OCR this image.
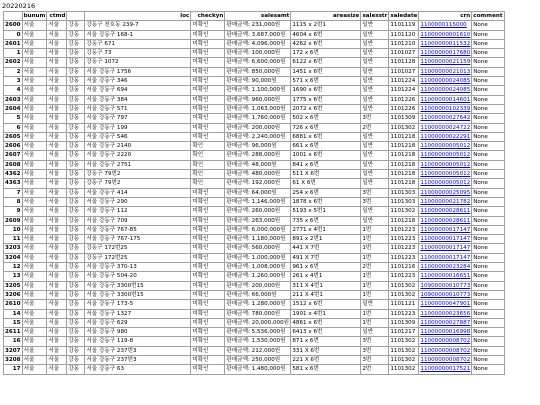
20220216
	bunum	ctmd		loc	checkyn	salesamt	areasize	salesstr	saledate	crn	comment
2600	서울	서울	강동	강동구 천호동 239-7	미확인	판매금액: 231,000원	1115 x 2번1	일반	1101119	1100000115000	None
0	서울	서울	강동	서울 강동구 168-1	미확인	판매금액: 3,687,000원	4604 x 6번	일반	1101120	11000000001610	None
2601	서울	서울	강동	강동구 671	미확인	판매금액: 4,096,000원	4262 x 6번	일반	1101210	11000000011532	None
1	서울	서울	강동	강동구 73	미확인	판매금액: 100,000원	172 x 6번	일반	1101027	11000000017680	None
2602	서울	서울	강동	강동구 1072	미확인	판매금액: 6,600,000원	6122 x 6번	일반	1101128	11000000021159	None
2	서울	서울	강동	서울 강동구 1756	미확인	판매금액: 850,000원	1451 x 6번	일반	1101027	11000000021013	None
3	서울	서울	강동	서울 강동구 346	미확인	판매금액: 90,000원	571 x 6번	일반	1101224	11000000024085	None
4	서울	서울	강동	서울 강동구 694	미확인	판매금액: 1,100,000원	1690 x 6번	일반	1101224	11000000024085	None
2603	서울	서울	강동	서울 강동구 384	미확인	판매금액: 960,000원	1775 x 6번	일반	1101226	11000000014601	None
2604	서울	서울	강동	서울 강동구 571	미확인	판매금액: 1,063,000원	2072 x 6번	일반	1101226	11000000102339	None
5	서울	서울	강동	서울 강동구 797	미확인	판매금액: 1,760,000원	502 x 6번	3번	1101309	11000000027642	None
6	서울	서울	강동	서울 강동구 199	미확인	판매금액: 200,000원	726 x 6번	2번	1101302	11000000024722	None
2605	서울	서울	강동	서울 강동구 546	미확인	판매금액: 2,240,000원	6881 x 6번	일반	1101218	11000000022291	None
2606	서울	서울	강동	서울 강동구 2140	확인	판매금액: 96,000원	661 x 6번	일반	1101218	11000000005012	None
2607	서울	서울	강동	서울 강동구 2220	확인	판매금액: 288,000원	1001 x 6번	일반	1101218	11000000005012	None
2608	서울	서울	강동	서울 강동구 2751	확인	판매금액: 48,000원	841 x 6번	일반	1101218	11000000005012	None
4362	서울	서울	강동	강동구 79번2	확인	판매금액: 480,000원	511 X 6번	일반	1101218	11000000005012	None
4363	서울	서울	강동	강동구 79번2	확인	판매금액: 192,000원	61 X 6번	일반	1101218	11000000005012	None
7	서울	서울	강동	서울 강동구 414	미확인	판매금액: 64,000원	254 x 6번	3번	1101303	11000000025095	None
8	서울	서울	강동	서울 강동구 290	미확인	판매금액: 1,146,000원	1878 x 6번	3번	1101303	11000000021782	None
9	서울	서울	강동	서울 강동구 112	미확인	판매금액: 260,000원	5193 x 5번1	일반	1101302	11000000028611	None
2609	서울	서울	강동	서울 강동구 709	미확인	판매금액: 263,000원	735 x 6번	일반	1101218	11000000028611	None
10	서울	서울	강동	서울 강동구 767-85	미확인	판매금액: 6,000,000원	2771 x 4번1	1번	1101223	11000000017147	None
11	서울	서울	강동	서울 강동구 767-175	미확인	판매금액: 1,180,000원	891 x 2번1	1번	1101223	11000000017147	None
3203	서울	서울	강동	강동구 172번25	미확인	판매금액: 560,000원	441 X 7번	1번	1101223	11000000017147	None
3204	서울	서울	강동	강동구 172번25	미확인	판매금액: 1,000,000원	491 X 7번	1번	1101223	11000000017147	None
12	서울	서울	강동	서울 강동구 370-13	미확인	판매금액: 1,008,000원	961 x 6번	2번	1101216	11000000023284	None
13	서울	서울	강동	서울 강동구 504-20	미확인	판매금액: 1,260,000원	261 x 4번1	1번	1101223	11000000016651	None
3205	서울	서울	강동	서울 강동구 3300번15	미확인	판매금액: 200,000원	311 X 4번1	1번	1101302	10900000010773	None
3206	서울	서울	강동	서울 강동구 3300번15	미확인	판매금액: 66,000원	211 X 4번1	1번	1101302	10900000010773	None
2610	서울	서울	강동	서울 강동구 173-5	미확인	판매금액: 1,280,000원	1512 x 6번	일반	1101121	11000000047901	None
14	서울	서울	강동	서울 강동구 1327	미확인	판매금액: 780,000원	1901 x 4번1	1번	1101223	11000000023656	None
15	서울	서울	강동	서울 강동구 629	미확인	판매금액: 20,000,000원	4861 x 6번	1번	1101309	11000000027887	None
2611	서울	서울	강동	서울 강동구 980	미확인	판매금액: 5,536,000원	6413 x 6번	일반	1101217	11000000016998	None
16	서울	서울	강동	서울 강동구 119-8	미확인	판매금액: 1,530,000원	871 x 6번	3번	1101302	11000000008702	None
3207	서울	서울	강동	서울 강동구 237번3	미확인	판매금액: 212,000원	331 X 6번	3번	1101302	11000000008702	None
3208	서울	서울	강동	서울 강동구 237번3	미확인	판매금액: 250,000원	221 X 6번	3번	1101302	11000000008702	None
17	서울	서울	강동	서울 강동구 63	미확인	판매금액: 1,480,000원	581 x 6번	2번	1101302	11000000017521	None
